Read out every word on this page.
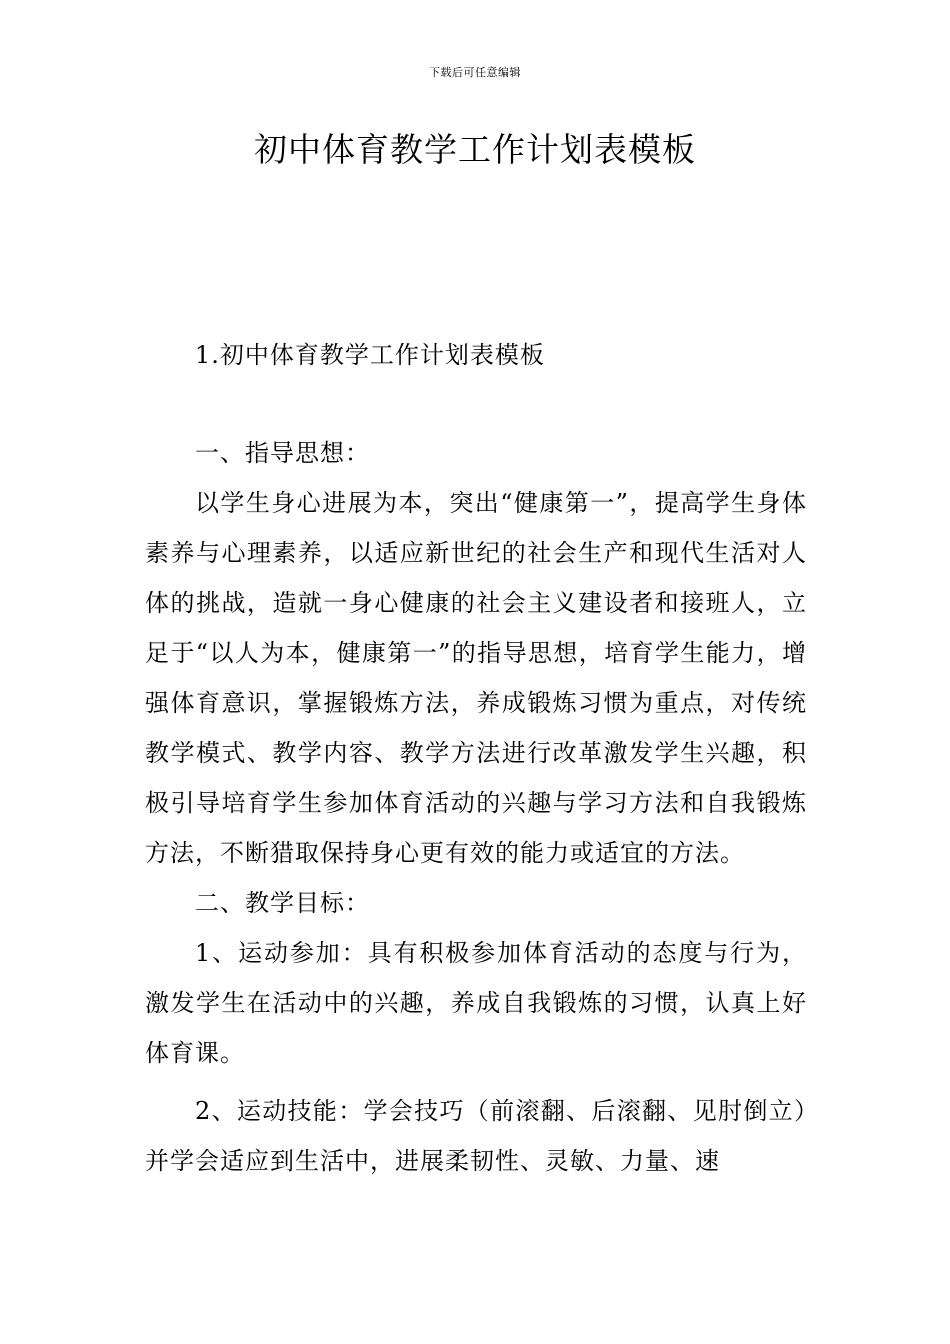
下载后可任意编辑
初中体育教学工作计划表模板

1.初中体育教学工作计划表模板

一、指导思想：

以学生身心进展为本，突出“健康第一”，提高学生身体素养与心理素养，以适应新世纪的社会生产和现代生活对人体的挑战，造就一身心健康的社会主义建设者和接班人，立足于“以人为本，健康第一”的指导思想，培育学生能力，增强体育意识，掌握锻炼方法，养成锻炼习惯为重点，对传统教学模式、教学内容、教学方法进行改革激发学生兴趣，积极引导培育学生参加体育活动的兴趣与学习方法和自我锻炼方法，不断猎取保持身心更有效的能力或适宜的方法。

二、教学目标：

1、运动参加：具有积极参加体育活动的态度与行为，激发学生在活动中的兴趣，养成自我锻炼的习惯，认真上好体育课。

2、运动技能：学会技巧（前滚翻、后滚翻、见肘倒立）并学会适应到生活中，进展柔韧性、灵敏、力量、速
